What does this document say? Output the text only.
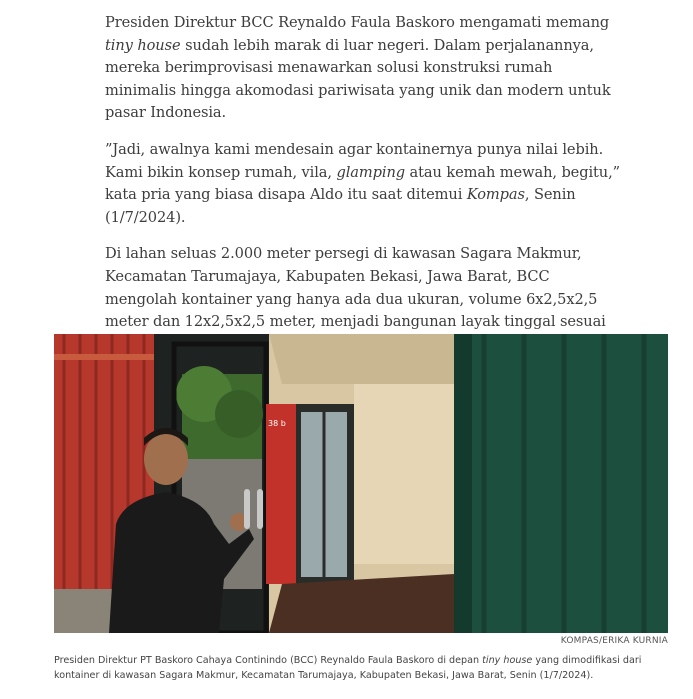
Presiden Direktur BCC Reynaldo Faula Baskoro mengamati memang tiny house sudah lebih marak di luar negeri. Dalam perjalanannya, mereka berimprovisasi menawarkan solusi konstruksi rumah minimalis hingga akomodasi pariwisata yang unik dan modern untuk pasar Indonesia.

”Jadi, awalnya kami mendesain agar kontainernya punya nilai lebih. Kami bikin konsep rumah, vila, glamping atau kemah mewah, begitu,” kata pria yang biasa disapa Aldo itu saat ditemui Kompas, Senin (1/7/2024).

Di lahan seluas 2.000 meter persegi di kawasan Sagara Makmur, Kecamatan Tarumajaya, Kabupaten Bekasi, Jawa Barat, BCC mengolah kontainer yang hanya ada dua ukuran, volume 6x2,5x2,5 meter dan 12x2,5x2,5 meter, menjadi bangunan layak tinggal sesuai

38 b
KOMPAS/ERIKA KURNIA
Presiden Direktur PT Baskoro Cahaya Continindo (BCC) Reynaldo Faula Baskoro di depan tiny house yang dimodifikasi dari kontainer di kawasan Sagara Makmur, Kecamatan Tarumajaya, Kabupaten Bekasi, Jawa Barat, Senin (1/7/2024).
